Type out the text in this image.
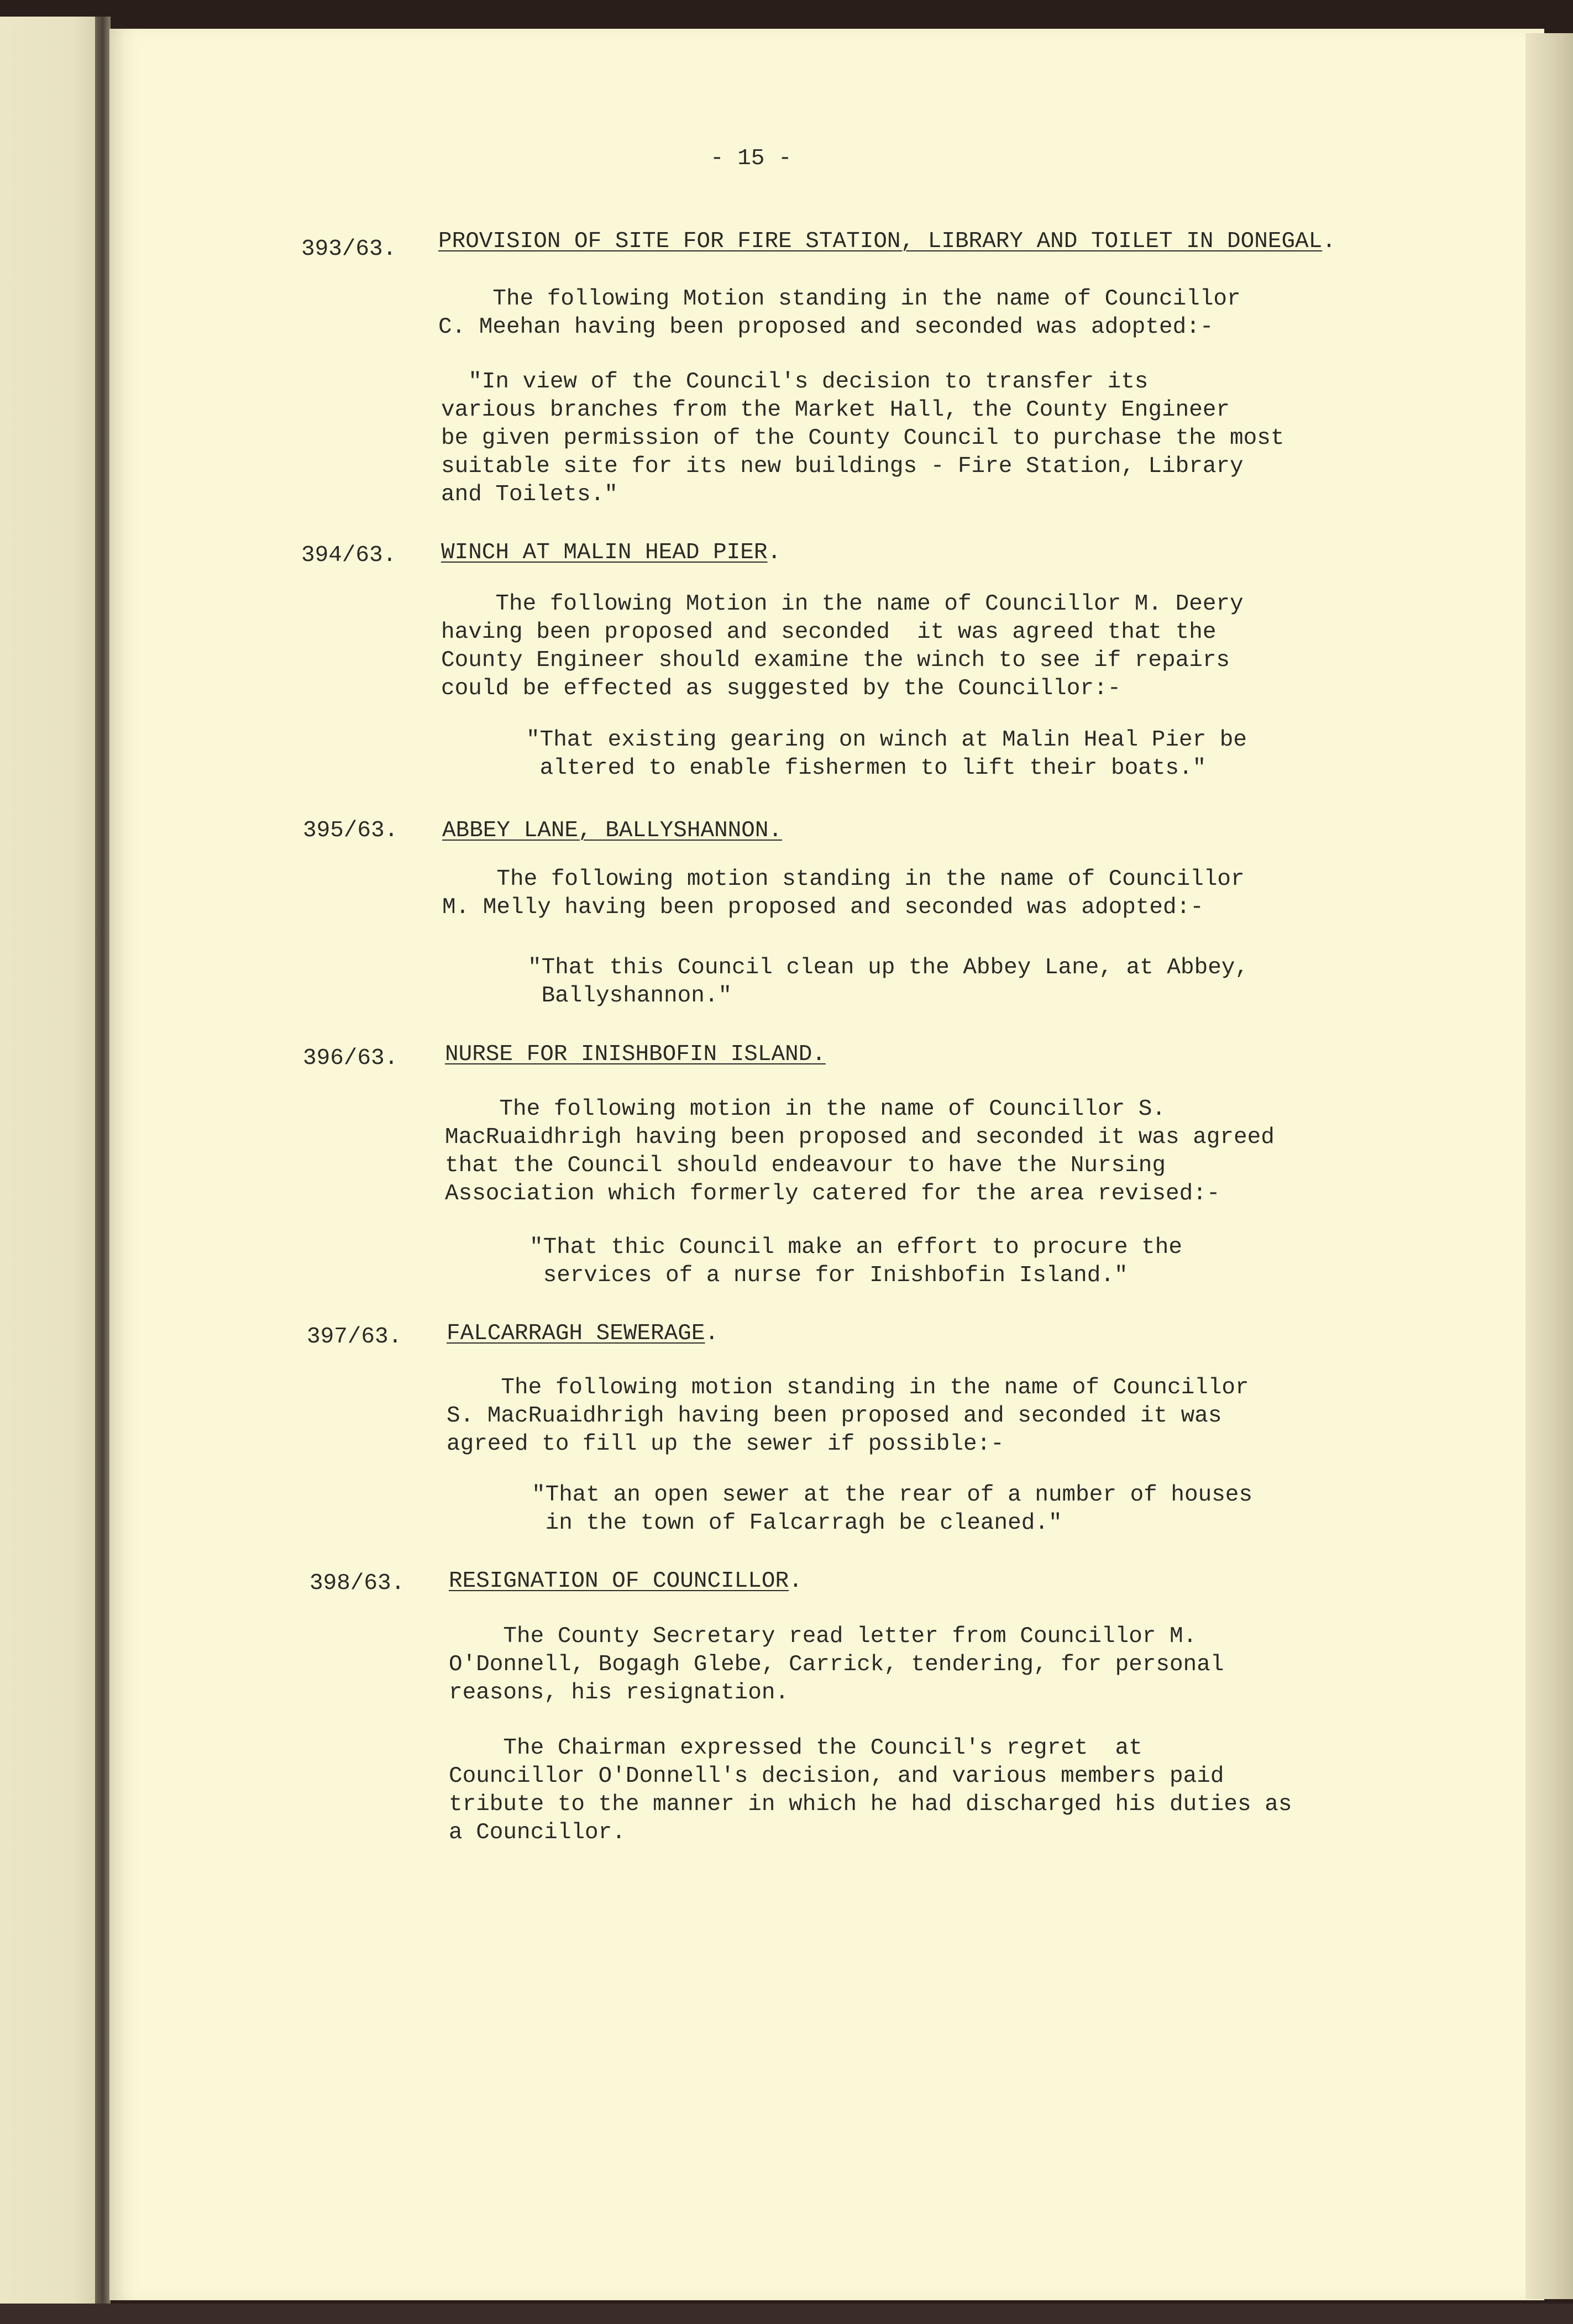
- 15 -
393/63. PROVISION OF SITE FOR FIRE STATION, LIBRARY AND TOILET IN DONEGAL.
The following Motion standing in the name of Councillor
C. Meehan having been proposed and seconded was adopted:-
"In view of the Council's decision to transfer its
various branches from the Market Hall, the County Engineer
be given permission of the County Council to purchase the most
suitable site for its new buildings - Fire Station, Library
and Toilets."
394/63. WINCH AT MALIN HEAD PIER.
The following Motion in the name of Councillor M. Deery
having been proposed and seconded  it was agreed that the
County Engineer should examine the winch to see if repairs
could be effected as suggested by the Councillor:-
"That existing gearing on winch at Malin Heal Pier be
altered to enable fishermen to lift their boats."
395/63. ABBEY LANE, BALLYSHANNON.
The following motion standing in the name of Councillor
M. Melly having been proposed and seconded was adopted:-
"That this Council clean up the Abbey Lane, at Abbey,
Ballyshannon."
396/63. NURSE FOR INISHBOFIN ISLAND.
The following motion in the name of Councillor S.
MacRuaidhrigh having been proposed and seconded it was agreed
that the Council should endeavour to have the Nursing
Association which formerly catered for the area revised:-
"That thic Council make an effort to procure the
services of a nurse for Inishbofin Island."
397/63. FALCARRAGH SEWERAGE.
The following motion standing in the name of Councillor
S. MacRuaidhrigh having been proposed and seconded it was
agreed to fill up the sewer if possible:-
"That an open sewer at the rear of a number of houses
in the town of Falcarragh be cleaned."
398/63. RESIGNATION OF COUNCILLOR.
The County Secretary read letter from Councillor M.
O'Donnell, Bogagh Glebe, Carrick, tendering, for personal
reasons, his resignation.
The Chairman expressed the Council's regret  at
Councillor O'Donnell's decision, and various members paid
tribute to the manner in which he had discharged his duties as
a Councillor.
